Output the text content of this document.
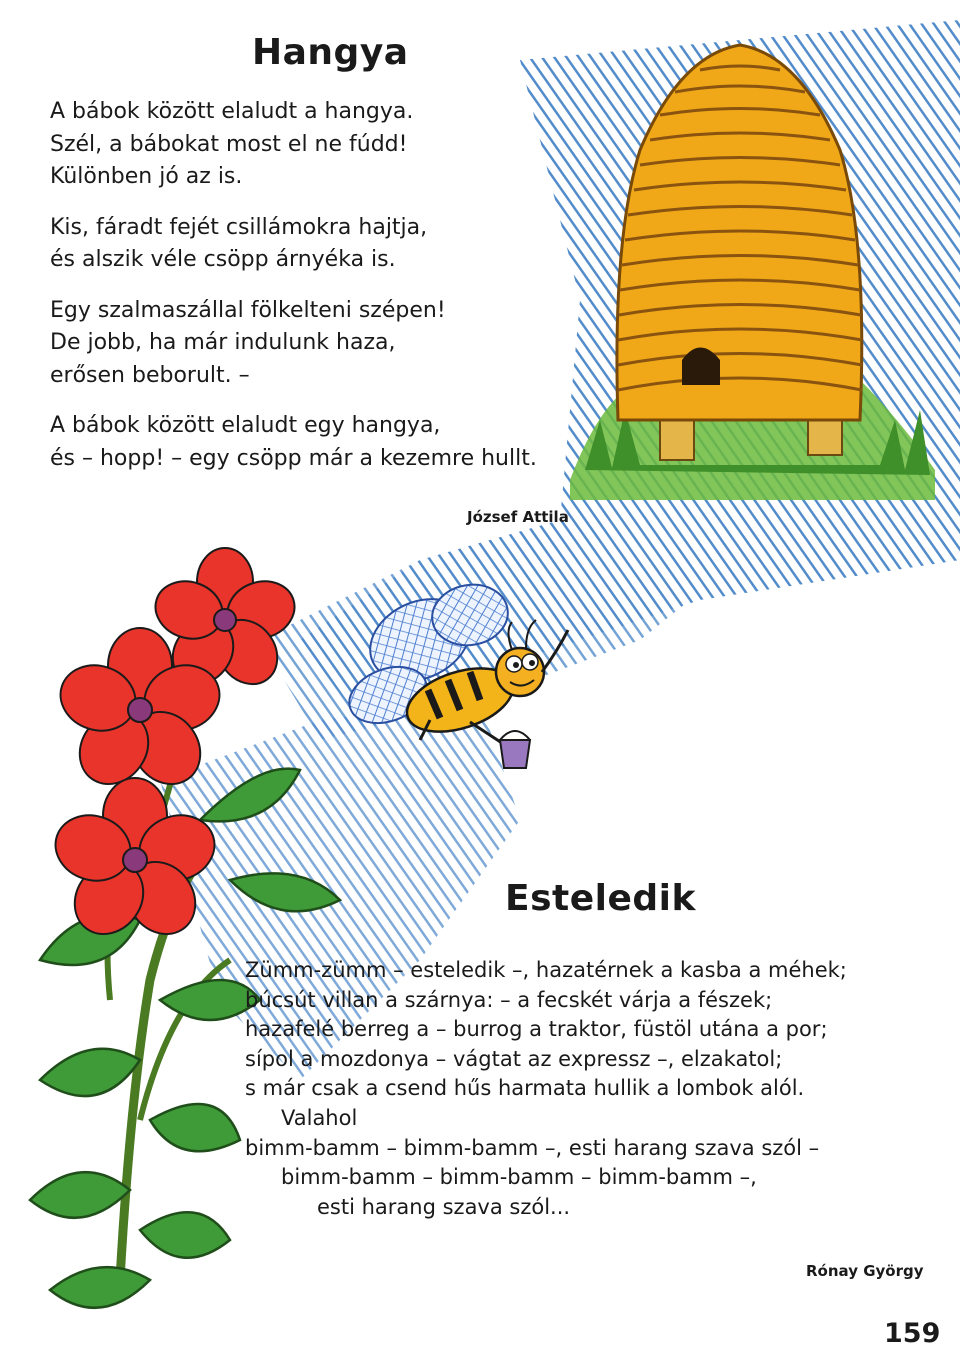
Hangya
A bábok között elaludt a hangya.
Szél, a bábokat most el ne fúdd!
Különben jó az is.
Kis, fáradt fejét csillámokra hajtja,
és alszik véle csöpp árnyéka is.
Egy szalmaszállal fölkelteni szépen!
De jobb, ha már indulunk haza,
erősen beborult. –
A bábok között elaludt egy hangya,
és – hopp! – egy csöpp már a kezemre hullt.
József Attila
Esteledik
Zümm-zümm – esteledik –, hazatérnek a kasba a méhek;
búcsút villan a szárnya: – a fecskét várja a fészek;
hazafelé berreg a – burrog a traktor, füstöl utána a por;
sípol a mozdonya – vágtat az expressz –, elzakatol;
s már csak a csend hűs harmata hullik a lombok alól.
Valahol
bimm-bamm – bimm-bamm –, esti harang szava szól –
bimm-bamm – bimm-bamm – bimm-bamm –,
esti harang szava szól...
Rónay György
159
